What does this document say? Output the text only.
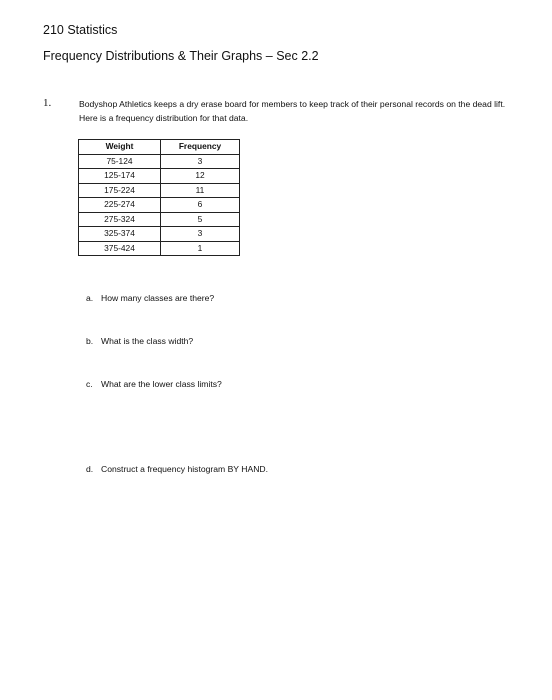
210 Statistics
Frequency Distributions & Their Graphs – Sec 2.2
1.	Bodyshop Athletics keeps a dry erase board for members to keep track of their personal records on the dead lift. Here is a frequency distribution for that data.
Weight	Frequency
75-124	3
125-174	12
175-224	11
225-274	6
275-324	5
325-374	3
375-424	1
a. How many classes are there?
b. What is the class width?
c. What are the lower class limits?
d. Construct a frequency histogram BY HAND.
